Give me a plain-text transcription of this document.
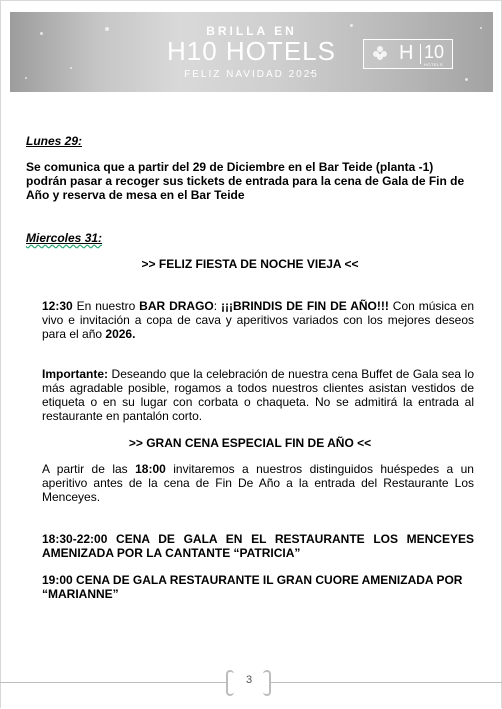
BRILLA EN
H10 HOTELS
FELIZ NAVIDAD 2025
H 10
HOTELS
Lunes 29:
Se comunica que a partir del 29 de Diciembre en el Bar Teide (planta -1) podrán pasar a recoger sus tickets de entrada para la cena de Gala de Fin de Año y reserva de mesa en el Bar Teide
Miercoles 31:
>> FELIZ FIESTA DE NOCHE VIEJA <<
12:30 En nuestro BAR DRAGO: ¡¡¡BRINDIS DE FIN DE AÑO!!! Con música en vivo e invitación a copa de cava y aperitivos variados con los mejores deseos para el año 2026.
Importante: Deseando que la celebración de nuestra cena Buffet de Gala sea lo más agradable posible, rogamos a todos nuestros clientes asistan vestidos de etiqueta o en su lugar con corbata o chaqueta. No se admitirá la entrada al restaurante en pantalón corto.
>> GRAN CENA ESPECIAL FIN DE AÑO <<
A partir de las 18:00 invitaremos a nuestros distinguidos huéspedes a un aperitivo antes de la cena de Fin De Año a la entrada del Restaurante Los Menceyes.
18:30-22:00 CENA DE GALA EN EL RESTAURANTE LOS MENCEYES AMENIZADA POR LA CANTANTE “PATRICIA”
19:00 CENA DE GALA RESTAURANTE IL GRAN CUORE AMENIZADA POR “MARIANNE”
3
